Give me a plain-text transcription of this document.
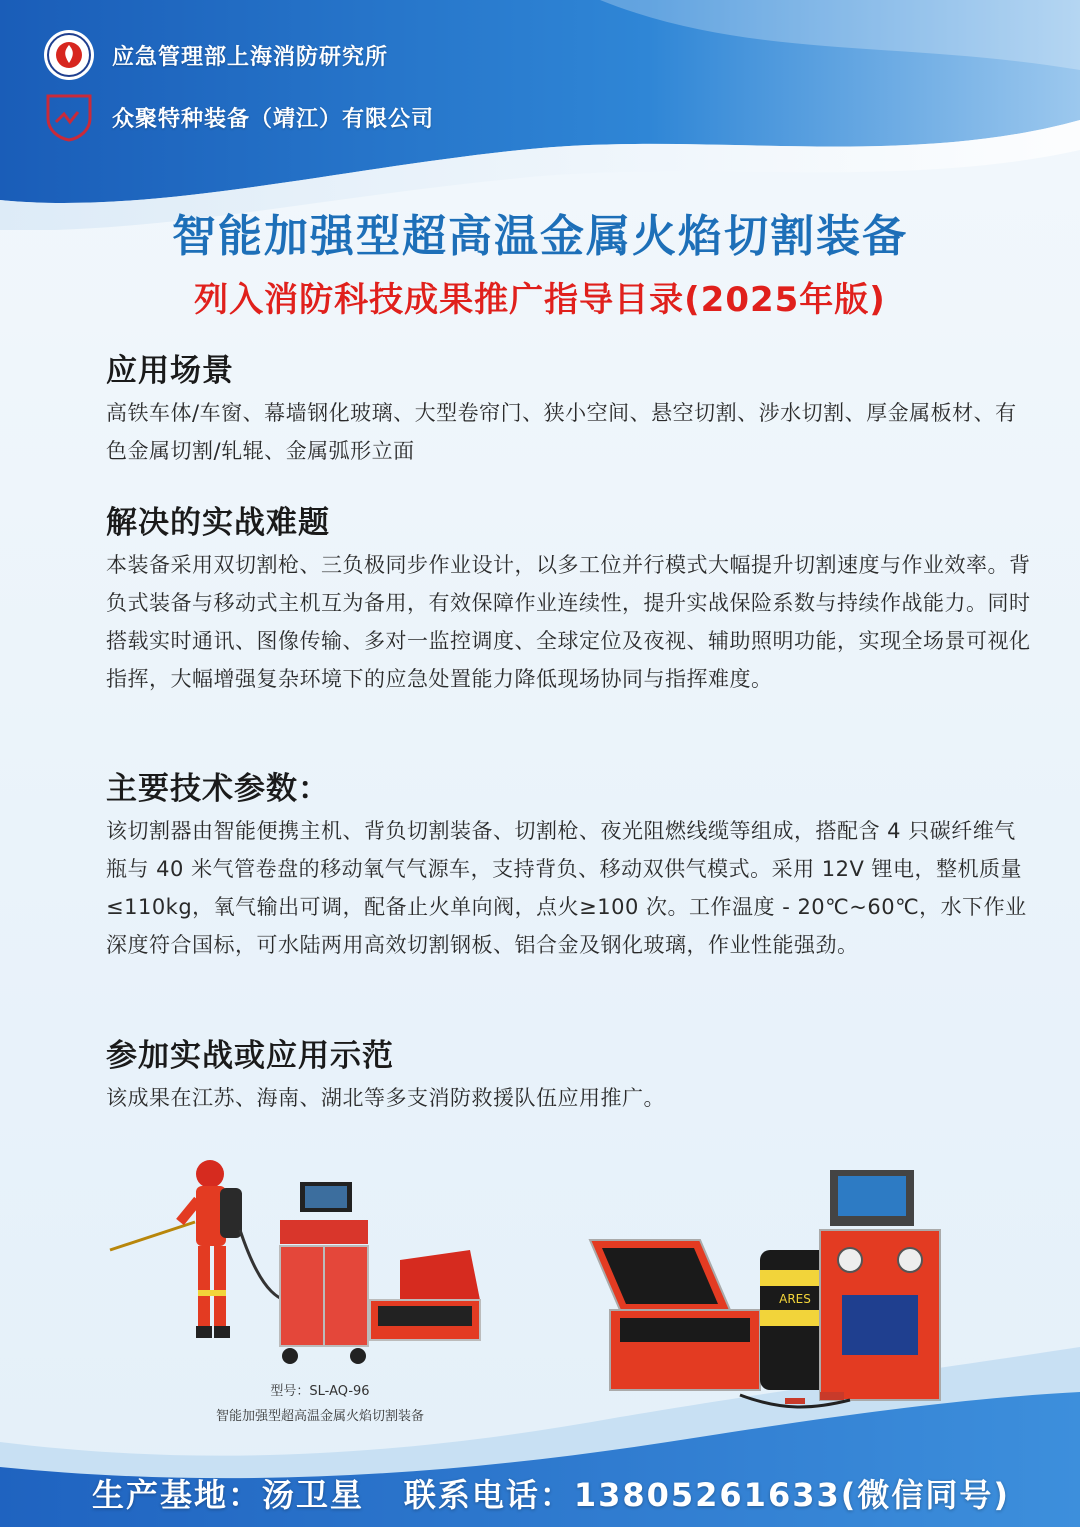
应急管理部上海消防研究所
众聚特种装备（靖江）有限公司
智能加强型超高温金属火焰切割装备
列入消防科技成果推广指导目录(2025年版)
应用场景

高铁车体/车窗、幕墙钢化玻璃、大型卷帘门、狭小空间、悬空切割、涉水切割、厚金属板材、有色金属切割/轧辊、金属弧形立面

解决的实战难题

本装备采用双切割枪、三负极同步作业设计，以多工位并行模式大幅提升切割速度与作业效率。背负式装备与移动式主机互为备用，有效保障作业连续性，提升实战保险系数与持续作战能力。同时搭载实时通讯、图像传输、多对一监控调度、全球定位及夜视、辅助照明功能，实现全场景可视化指挥，大幅增强复杂环境下的应急处置能力降低现场协同与指挥难度。

主要技术参数：

该切割器由智能便携主机、背负切割装备、切割枪、夜光阻燃线缆等组成，搭配含 4 只碳纤维气瓶与 40 米气管卷盘的移动氧气气源车，支持背负、移动双供气模式。采用 12V 锂电，整机质量≤110kg，氧气输出可调，配备止火单向阀，点火≥100 次。工作温度 - 20℃~60℃，水下作业深度符合国标，可水陆两用高效切割钢板、铝合金及钢化玻璃，作业性能强劲。

参加实战或应用示范

该成果在江苏、海南、湖北等多支消防救援队伍应用推广。

ARES
型号：SL-AQ-96
智能加强型超高温金属火焰切割装备
生产基地：汤卫星 联系电话：13805261633(微信同号)
